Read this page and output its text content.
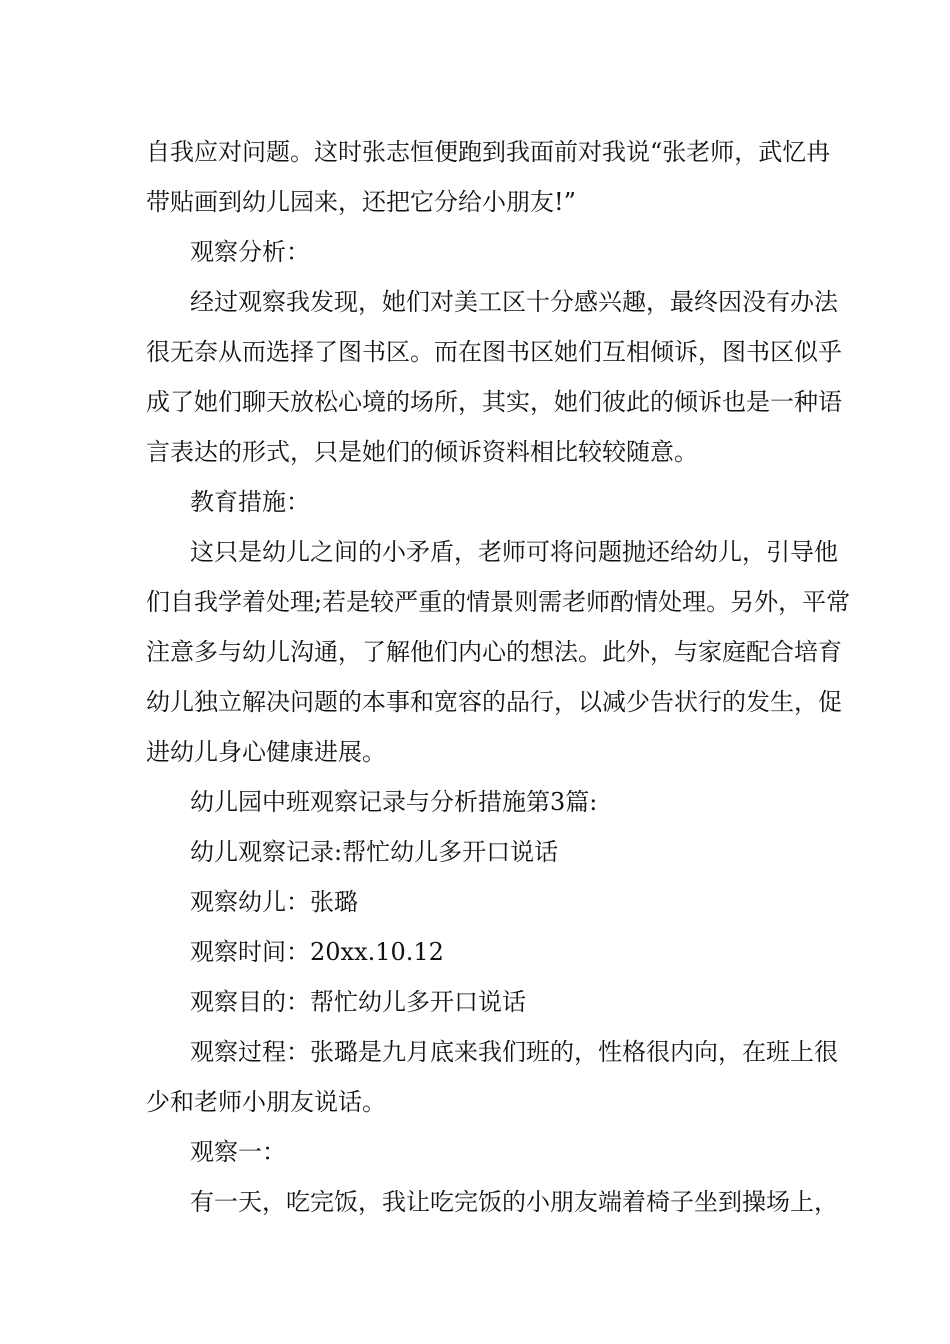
自我应对问题。这时张志恒便跑到我面前对我说“张老师，武忆冉
带贴画到幼儿园来，还把它分给小朋友!”
观察分析：
经过观察我发现，她们对美工区十分感兴趣，最终因没有办法
很无奈从而选择了图书区。而在图书区她们互相倾诉，图书区似乎
成了她们聊天放松心境的场所，其实，她们彼此的倾诉也是一种语
言表达的形式，只是她们的倾诉资料相比较较随意。
教育措施：
这只是幼儿之间的小矛盾，老师可将问题抛还给幼儿，引导他
们自我学着处理;若是较严重的情景则需老师酌情处理。另外，平常
注意多与幼儿沟通，了解他们内心的想法。此外，与家庭配合培育
幼儿独立解决问题的本事和宽容的品行，以减少告状行的发生，促
进幼儿身心健康进展。
幼儿园中班观察记录与分析措施第3篇:
幼儿观察记录:帮忙幼儿多开口说话
观察幼儿：张璐
观察时间：20xx.10.12
观察目的：帮忙幼儿多开口说话
观察过程：张璐是九月底来我们班的，性格很内向，在班上很
少和老师小朋友说话。
观察一：
有一天，吃完饭，我让吃完饭的小朋友端着椅子坐到操场上，
